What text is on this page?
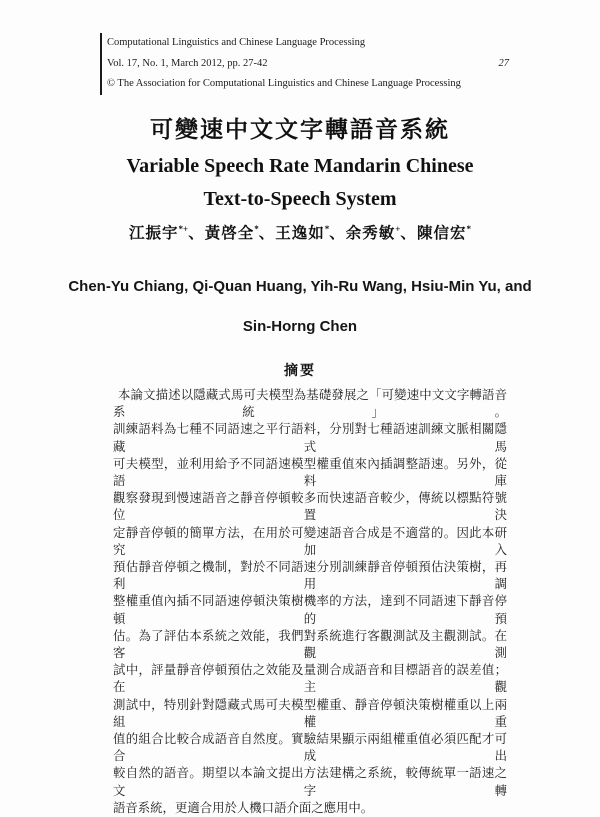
Computational Linguistics and Chinese Language Processing
Vol. 17, No. 1, March 2012, pp. 27-42	27
© The Association for Computational Linguistics and Chinese Language Processing
可變速中文文字轉語音系統
Variable Speech Rate Mandarin Chinese
Text-to-Speech System
江振宇*+、黃啓全*、王逸如*、余秀敏+、陳信宏*
Chen-Yu Chiang, Qi-Quan Huang, Yih-Ru Wang, Hsiu-Min Yu, and
Sin-Horng Chen
摘要
本論文描述以隱藏式馬可夫模型為基礎發展之「可變速中文文字轉語音系統」。
訓練語料為七種不同語速之平行語料，分別對七種語速訓練文脈相關隱藏式馬
可夫模型，並利用給予不同語速模型權重值來內插調整語速。另外，從語料庫
觀察發現到慢速語音之靜音停頓較多而快速語音較少，傳統以標點符號位置決
定靜音停頓的簡單方法，在用於可變速語音合成是不適當的。因此本研究加入
預估靜音停頓之機制，對於不同語速分別訓練靜音停頓預估決策樹，再利用調
整權重值內插不同語速停頓決策樹機率的方法，達到不同語速下靜音停頓的預
估。為了評估本系統之效能，我們對系統進行客觀測試及主觀測試。在客觀測
試中，評量靜音停頓預估之效能及量測合成語音和目標語音的誤差值；在主觀
測試中，特別針對隱藏式馬可夫模型權重、靜音停頓決策樹權重以上兩組權重
值的組合比較合成語音自然度。實驗結果顯示兩組權重值必須匹配才可合成出
較自然的語音。期望以本論文提出方法建構之系統，較傳統單一語速之文字轉
語音系統，更適合用於人機口語介面之應用中。
